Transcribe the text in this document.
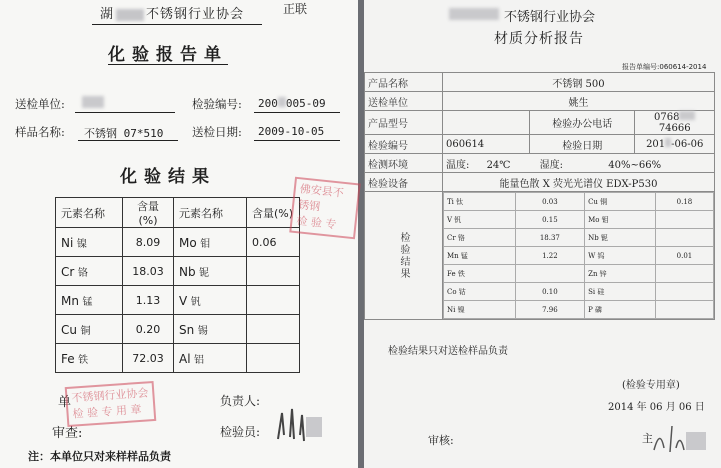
湖 不锈钢行业协会	正联
化验报告单
送检单位:	检验编号: 200 005-09
样品名称: 不锈钢 07*510 送检日期: 2009-10-05
化验结果
元素名称	含量(%)	元素名称	含量(%)
Ni 镍	8.09	Mo 钼	0.06
Cr 铬	18.03	Nb 铌	
Mn 锰	1.13	V 钒	
Cu 铜	0.20	Sn 锡	
Fe 铁	72.03	Al 铝	
佛安县不锈钢
检 验 专
单
审查:
不锈钢行业协会
检 验 专 用 章
负责人:
检验员:
注：本单位只对来样样品负责
不锈钢行业协会
材质分析报告
报告单编号:060614-2014
产品名称	不锈钢 500
送检单位	姚生
产品型号		检验办公电话	076874666
检验编号	060614	检验日期	201 -06-06
检测环境	温度: 24℃	湿度:	40%~66%
检验设备	能量色散 X 荧光光谱仪 EDX-P530
检验结果	
Ti 钛	0.03	Cu 铜	0.18
V 钒	0.15	Mo 钼	
Cr 铬	18.37	Nb 铌	
Mn 锰	1.22	W 钨	0.01
Fe 铁		Zn 锌	
Co 钴	0.10	Si 硅	
Ni 镍	7.96	P 磷	
检验结果只对送检样品负责
(检验专用章)
2014 年 06 月 06 日
审核:	主
